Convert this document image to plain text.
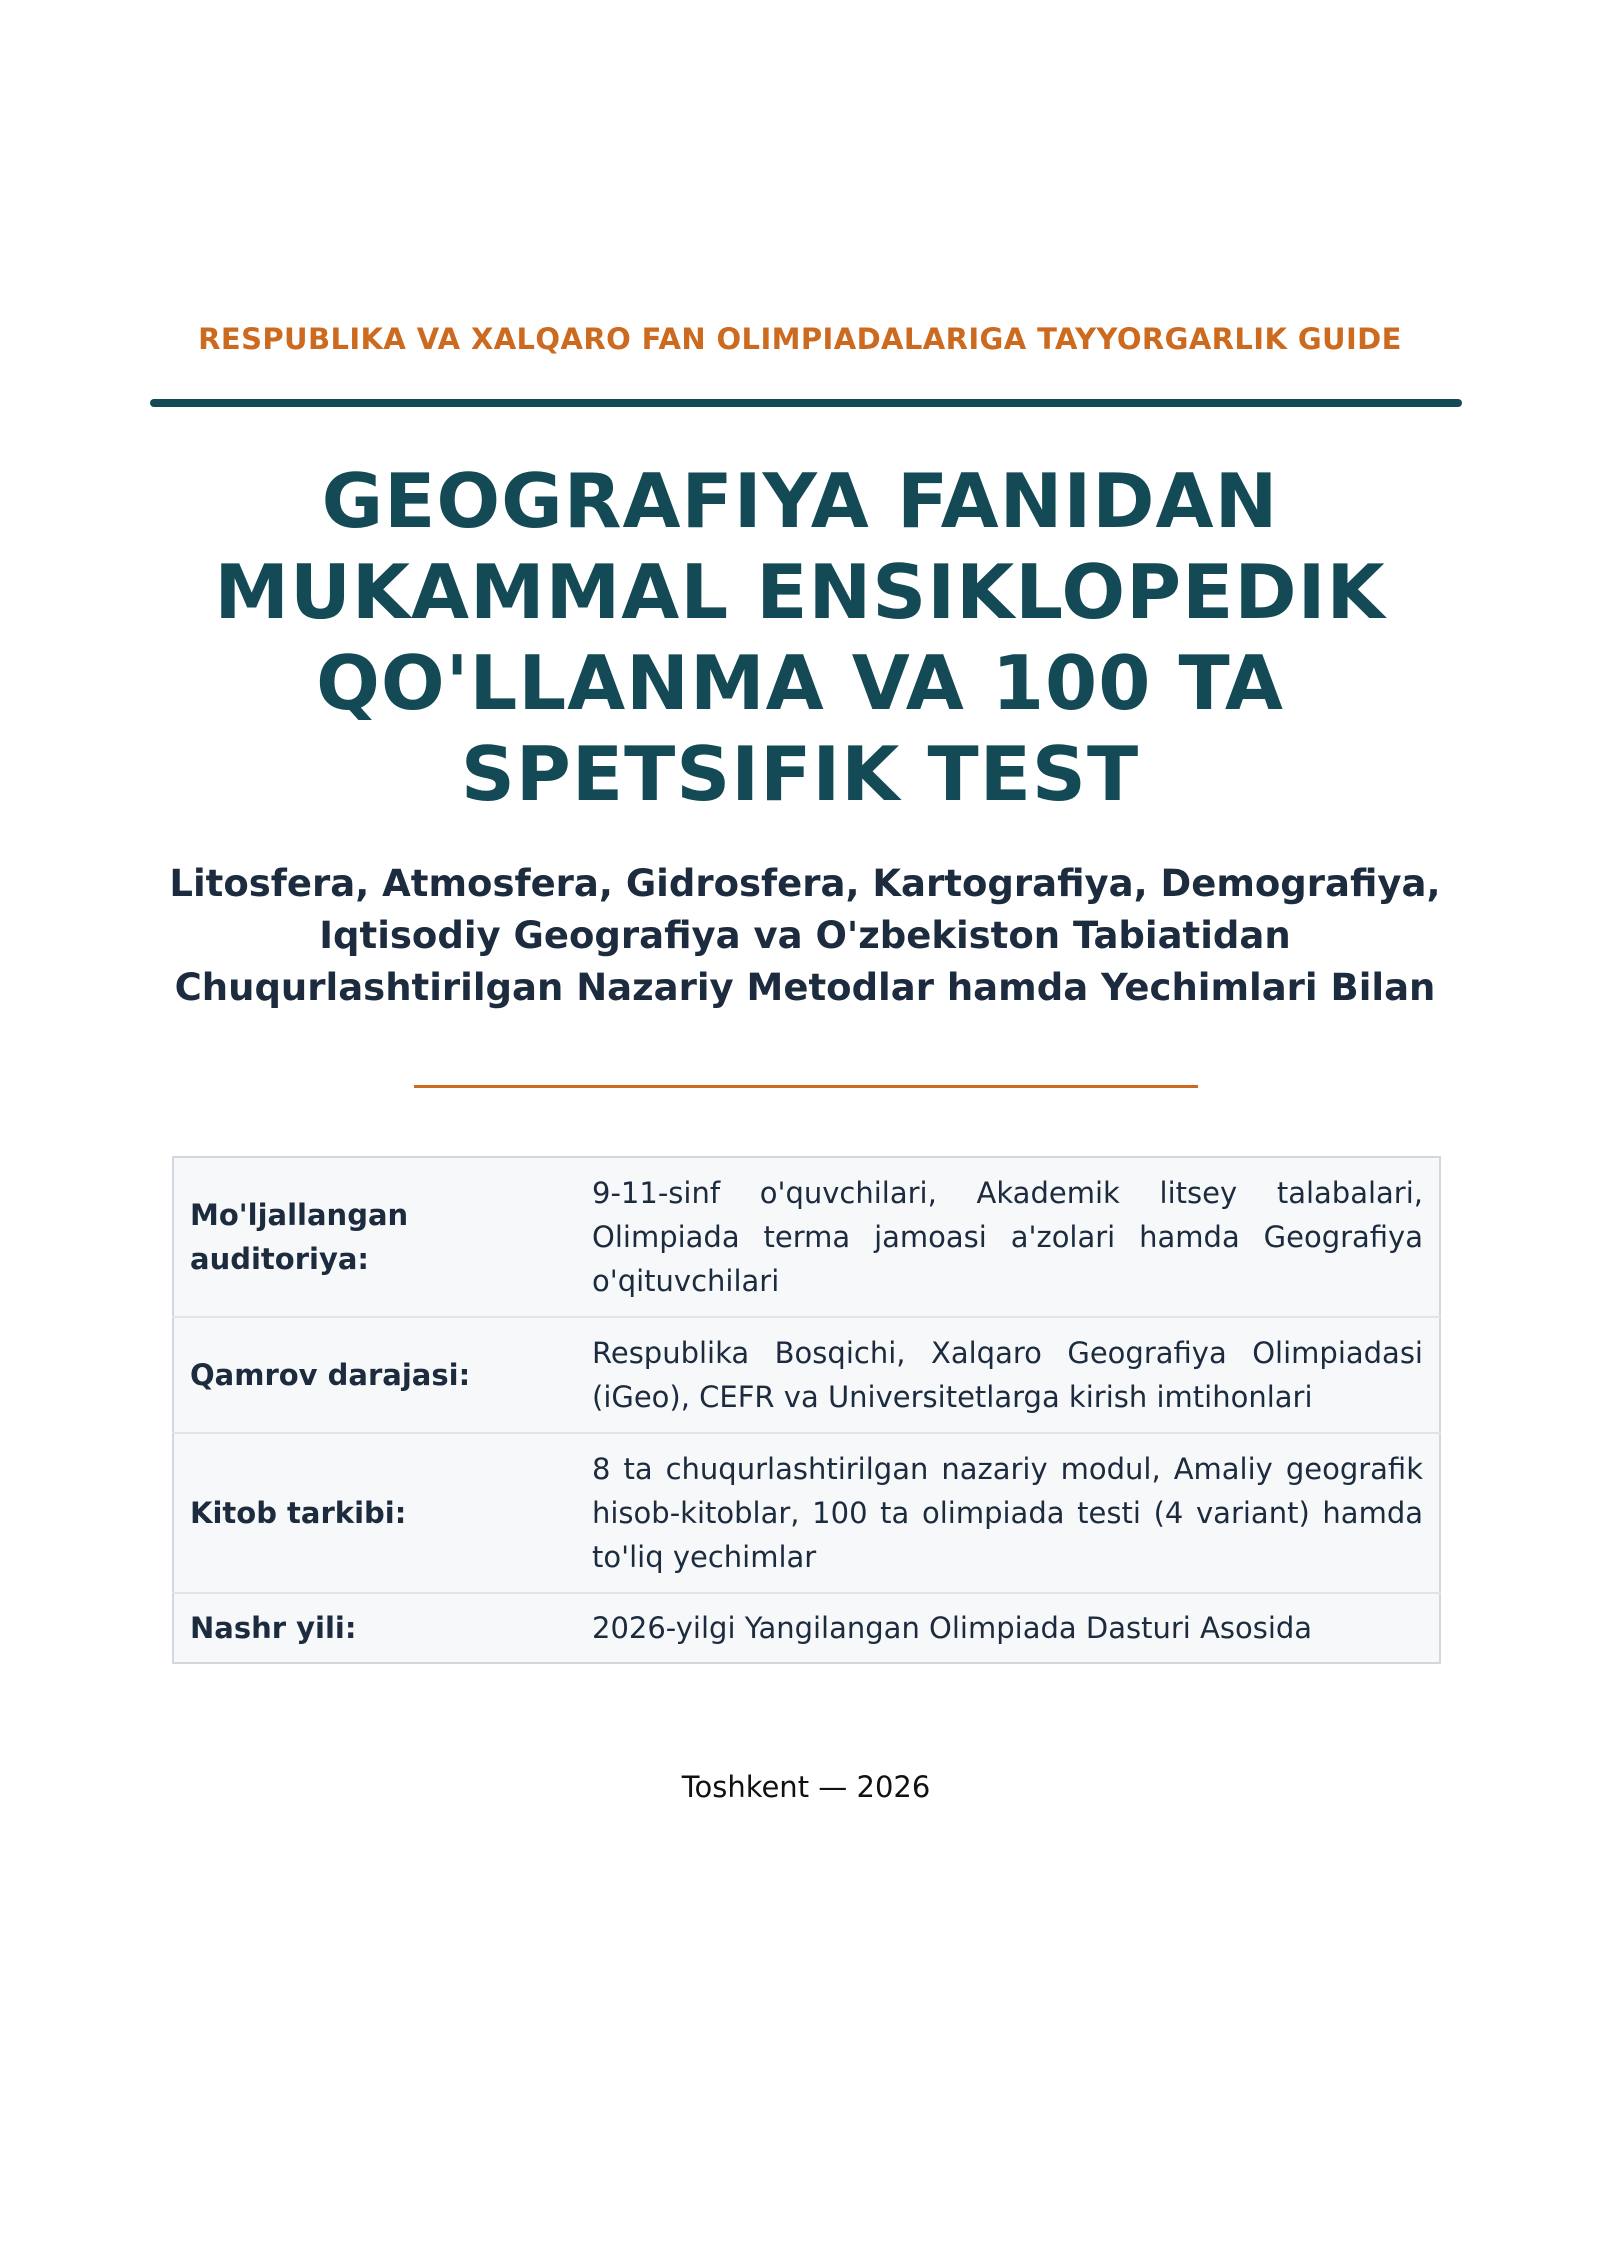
RESPUBLIKA VA XALQARO FAN OLIMPIADALARIGA TAYYORGARLIK GUIDE
GEOGRAFIYA FANIDAN
MUKAMMAL ENSIKLOPEDIK
QO'LLANMA VA 100 TA
SPETSIFIK TEST
Litosfera, Atmosfera, Gidrosfera, Kartografiya, Demografiya,
Iqtisodiy Geografiya va O'zbekiston Tabiatidan
Chuqurlashtirilgan Nazariy Metodlar hamda Yechimlari Bilan
Mo'ljallangan auditoriya:	9-11-sinf o'quvchilari, Akademik litsey talabalari, Olimpiada terma jamoasi a'zolari hamda Geografiya o'qituvchilari
Qamrov darajasi:	Respublika Bosqichi, Xalqaro Geografiya Olimpiadasi (iGeo), CEFR va Universitetlarga kirish imtihonlari
Kitob tarkibi:	8 ta chuqurlashtirilgan nazariy modul, Amaliy geografik hisob-kitoblar, 100 ta olimpiada testi (4 variant) hamda to'liq yechimlar
Nashr yili:	2026-yilgi Yangilangan Olimpiada Dasturi Asosida
Toshkent — 2026
